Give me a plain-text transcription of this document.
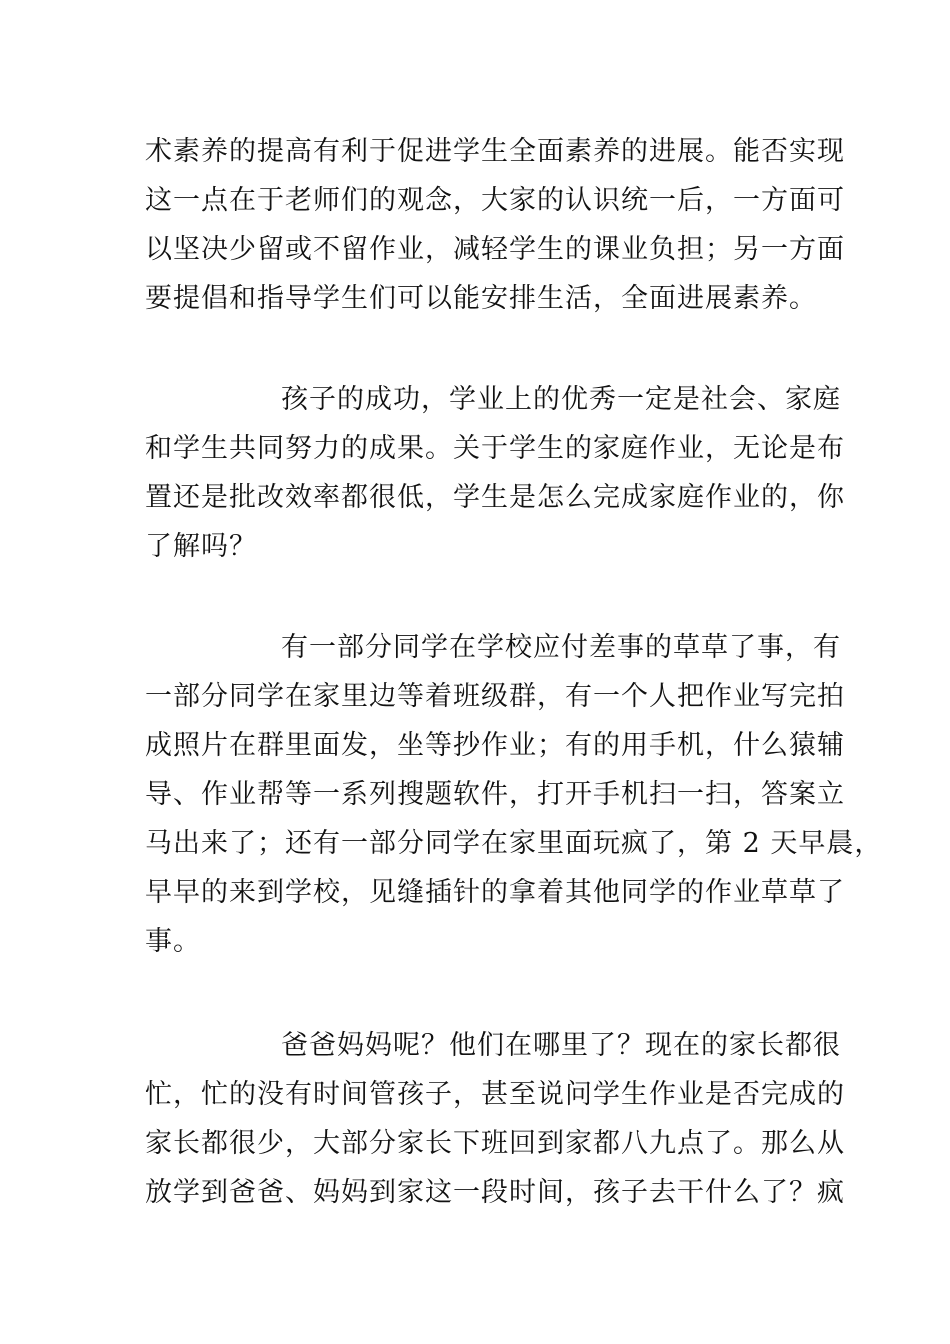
术素养的提高有利于促进学生全面素养的进展。能否实现
这一点在于老师们的观念，大家的认识统一后，一方面可
以坚决少留或不留作业，减轻学生的课业负担；另一方面
要提倡和指导学生们可以能安排生活，全面进展素养。
孩子的成功，学业上的优秀一定是社会、家庭
和学生共同努力的成果。关于学生的家庭作业，无论是布
置还是批改效率都很低，学生是怎么完成家庭作业的，你
了解吗？
有一部分同学在学校应付差事的草草了事，有
一部分同学在家里边等着班级群，有一个人把作业写完拍
成照片在群里面发，坐等抄作业；有的用手机，什么猿辅
导、作业帮等一系列搜题软件，打开手机扫一扫，答案立
马出来了；还有一部分同学在家里面玩疯了，第 2 天早晨，
早早的来到学校，见缝插针的拿着其他同学的作业草草了
事。
爸爸妈妈呢？他们在哪里了？现在的家长都很
忙，忙的没有时间管孩子，甚至说问学生作业是否完成的
家长都很少，大部分家长下班回到家都八九点了。那么从
放学到爸爸、妈妈到家这一段时间，孩子去干什么了？疯
